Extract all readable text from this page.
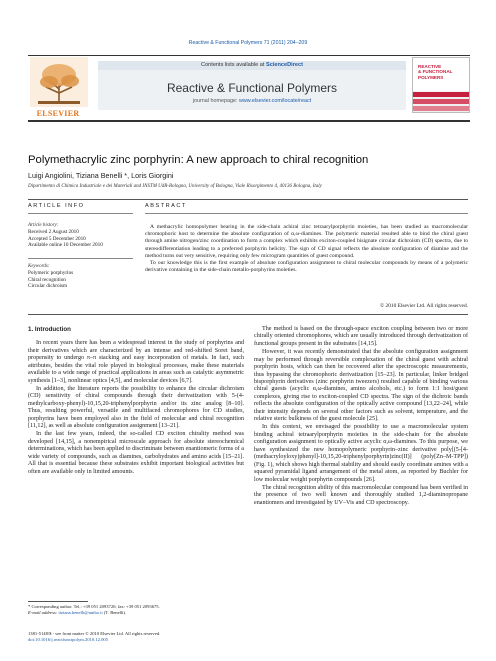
Reactive & Functional Polymers 71 (2011) 204–209
ELSEVIER
Contents lists available at ScienceDirect
Reactive & Functional Polymers
journal homepage: www.elsevier.com/locate/react
REACTIVE
& FUNCTIONAL
POLYMERS
Polymethacrylic zinc porphyrin: A new approach to chiral recognition
Luigi Angiolini, Tiziana Benelli *, Loris Giorgini
Dipartimento di Chimica Industriale e dei Materiali and INSTM UdR-Bologna, University of Bologna, Viale Risorgimento 4, 40136 Bologna, Italy
ARTICLE INFO	ABSTRACT
Article history:
Received 2 August 2010
Accepted 5 December 2010
Available online 10 December 2010
Keywords:
Polymeric porphyrins
Chiral recognition
Circular dichroism

A methacrylic homopolymer bearing in the side-chain achiral zinc tetraarylporphyrin moieties, has been studied as macromolecular chromophoric host to determine the absolute configuration of α,ω-diamines. The polymeric material resulted able to bind the chiral guest through amine nitrogen/zinc coordination to form a complex which exhibits exciton-coupled bisignate circular dichroism (CD) spectra, due to stereodifferentiation leading to a preferred porphyrin helicity. The sign of CD signal reflects the absolute configuration of diamine and the method turns out very sensitive, requiring only few microgram quantities of guest compound.

To our knowledge this is the first example of absolute configuration assignment to chiral molecular compounds by means of a polymeric derivative containing in the side-chain metallo-porphyrins moieties.

© 2010 Elsevier Ltd. All rights reserved.
1. Introduction

In recent years there has been a widespread interest in the study of porphyrins and their derivatives which are characterized by an intense and red-shifted Soret band, propensity to undergo π–π stacking and easy incorporation of metals. In fact, such attributes, besides the vital role played in biological processes, make these materials available to a wide range of practical applications in areas such as catalytic asymmetric synthesis [1–3], nonlinear optics [4,5], and molecular devices [6,7].

In addition, the literature reports the possibility to enhance the circular dichroism (CD) sensitivity of chiral compounds through their derivatization with 5-(4-methylcarboxy-phenyl)-10,15,20-triphenylporphyrin and/or its zinc analog [8–10]. Thus, resulting powerful, versatile and multifaced chromophores for CD studies, porphyrins have been employed also in the field of molecular and chiral recognition [11,12], as well as absolute configuration assignment [13–21].

In the last few years, indeed, the so-called CD exciton chirality method was developed [14,15], a nonempirical microscale approach for absolute stereochemical determinations, which has been applied to discriminate between enantiomeric forms of a wide variety of compounds, such as diamines, carbohydrates and amino acids [15–21]. All that is essential because these substrates exhibit important biological activities but often are available only in limited amounts.

The method is based on the through-space exciton coupling between two or more chirally oriented chromophores, which are usually introduced through derivatization of functional groups present in the substrates [14,15].

However, it was recently demonstrated that the absolute configuration assignment may be performed through reversible complexation of the chiral guest with achiral porphyrin hosts, which can then be recovered after the spectroscopic measurements, thus bypassing the chromophoric derivatization [15–23]. In particular, linker bridged bisporphyrin derivatives (zinc porphyrin tweezers) resulted capable of binding various chiral guests (acyclic α,ω-diamines, amino alcohols, etc.) to form 1:1 host/guest complexes, giving rise to exciton-coupled CD spectra. The sign of the dichroic bands reflects the absolute configuration of the optically active compound [13,22–24], while their intensity depends on several other factors such as solvent, temperature, and the relative steric bulkiness of the guest molecule [25].

In this context, we envisaged the possibility to use a macromolecular system binding achiral tetraarylporphyrin moieties in the side-chain for the absolute configuration assignment to optically active acyclic α,ω-diamines. To this purpose, we have synthesized the new homopolymeric porphyrin–zinc derivative poly[(5-[4-(methacryloyloxy)phenyl]-10,15,20-triphenylporphyrin)zinc(II)] (poly[Zn–M-TPP]) (Fig. 1), which shows high thermal stability and should easily coordinate amines with a squared pyramidal ligand arrangement of the metal atom, as reported by Buchler for low molecular weight porphyrin compounds [26].

The chiral recognition ability of this macromolecular compound has been verified in the presence of two well known and thoroughly studied 1,2-diaminopropane enantiomers and investigated by UV–Vis and CD spectroscopy.

* Corresponding author. Tel.: +39 051 2093720; fax: +39 051 2093675.
E-mail address: tiziana.benelli@unibo.it (T. Benelli).
1381-5148/$ - see front matter © 2010 Elsevier Ltd. All rights reserved.
doi:10.1016/j.reactfunctpolym.2010.12.005
